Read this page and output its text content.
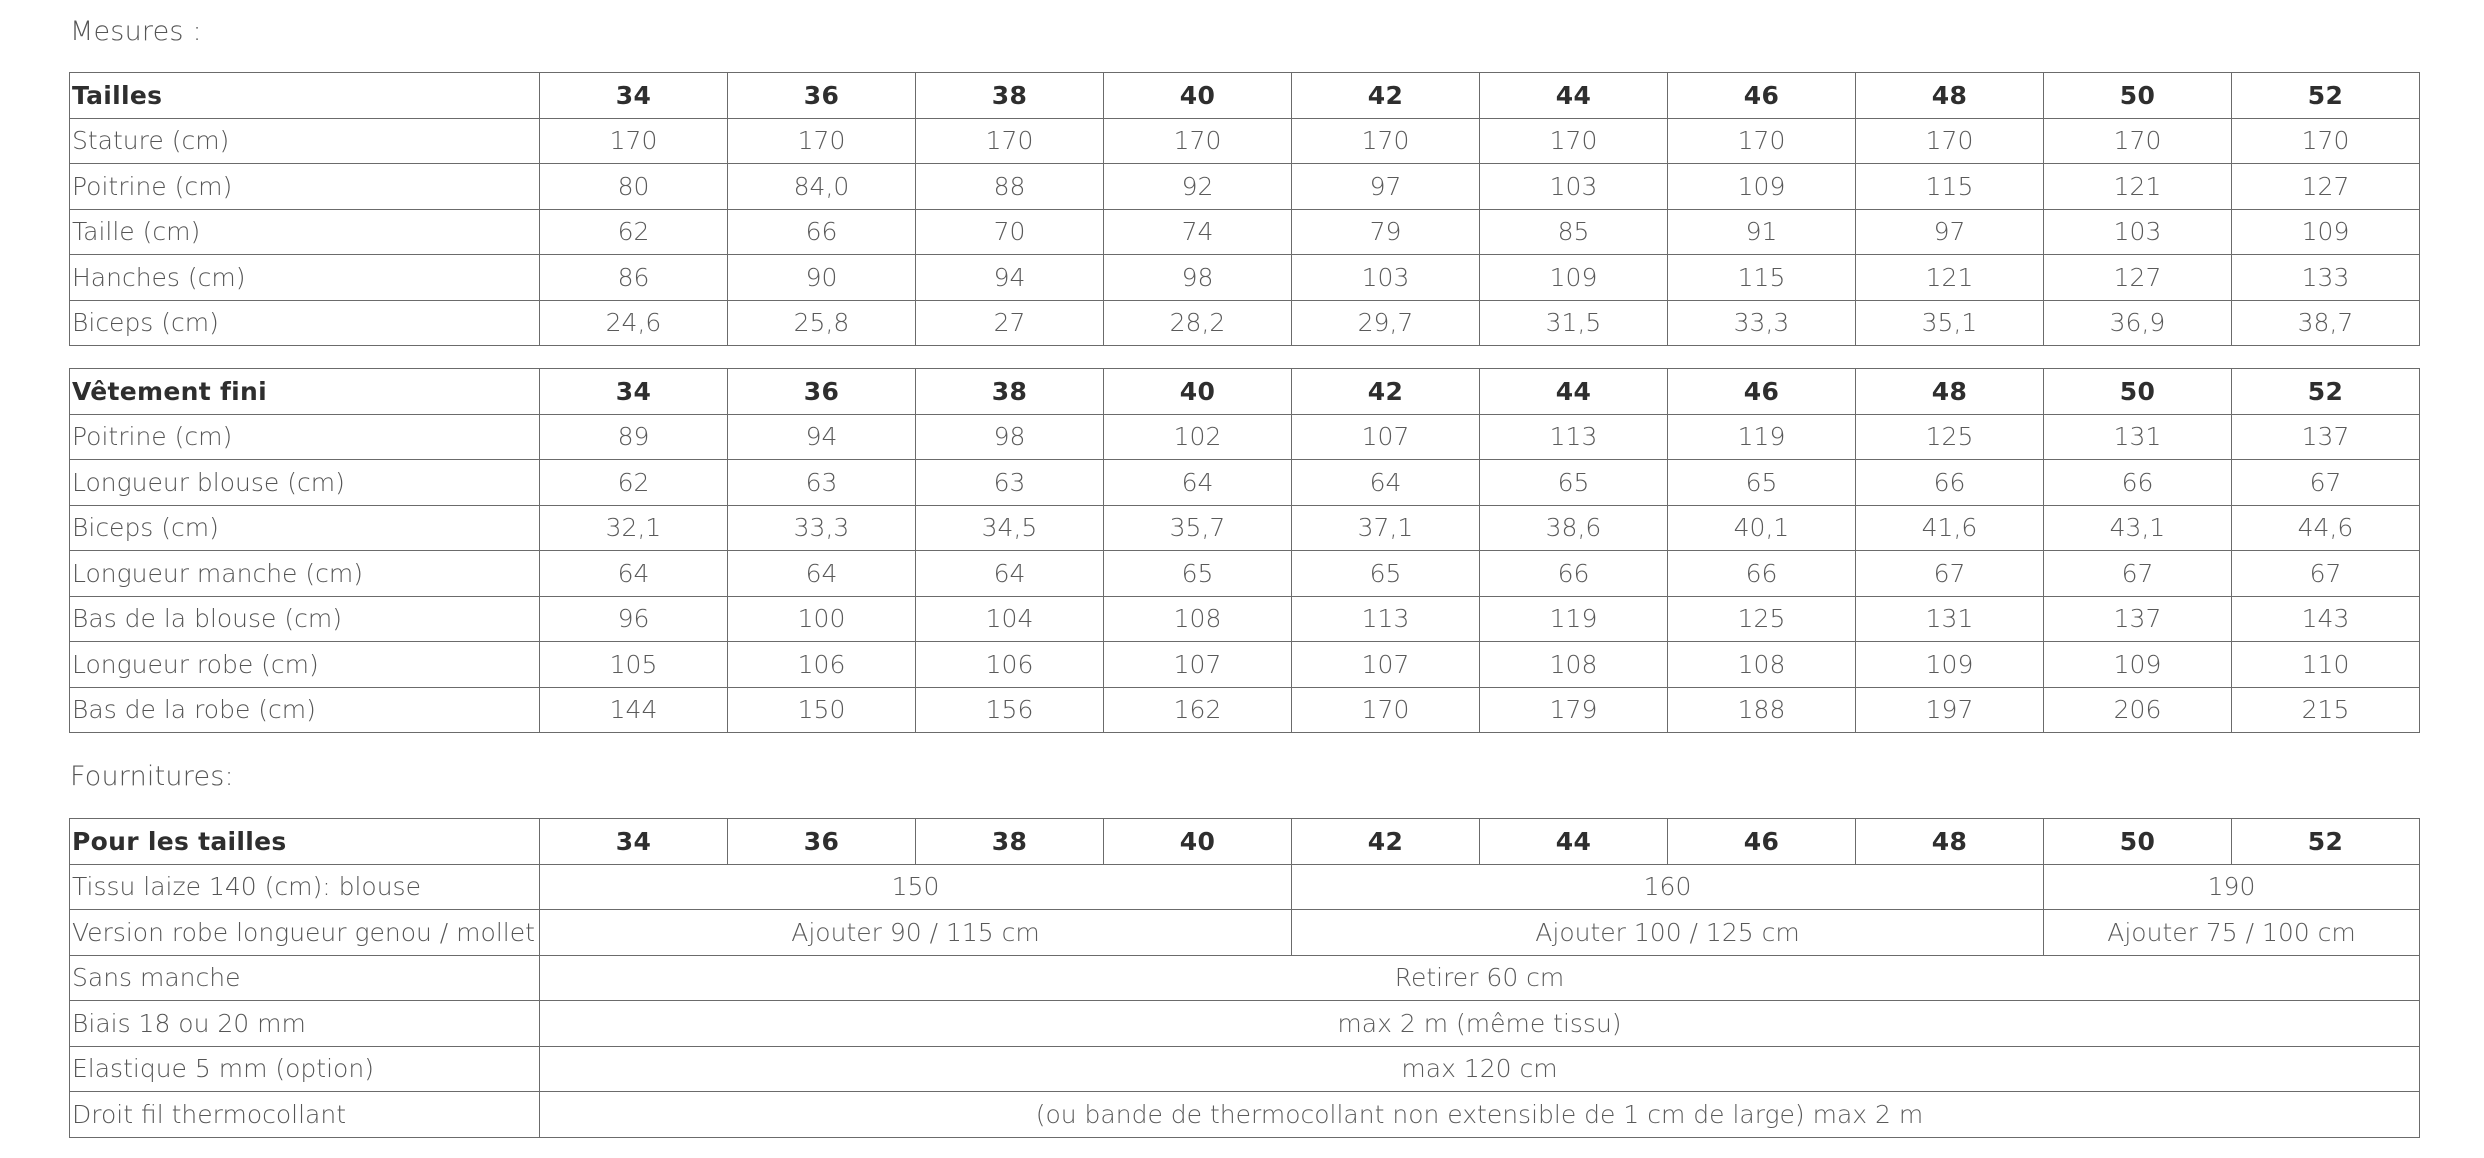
Mesures :
Tailles	34	36	38	40	42	44	46	48	50	52
Stature (cm)	170	170	170	170	170	170	170	170	170	170
Poitrine (cm)	80	84,0	88	92	97	103	109	115	121	127
Taille (cm)	62	66	70	74	79	85	91	97	103	109
Hanches (cm)	86	90	94	98	103	109	115	121	127	133
Biceps (cm)	24,6	25,8	27	28,2	29,7	31,5	33,3	35,1	36,9	38,7
Vêtement fini	34	36	38	40	42	44	46	48	50	52
Poitrine (cm)	89	94	98	102	107	113	119	125	131	137
Longueur blouse (cm)	62	63	63	64	64	65	65	66	66	67
Biceps (cm)	32,1	33,3	34,5	35,7	37,1	38,6	40,1	41,6	43,1	44,6
Longueur manche (cm)	64	64	64	65	65	66	66	67	67	67
Bas de la blouse (cm)	96	100	104	108	113	119	125	131	137	143
Longueur robe (cm)	105	106	106	107	107	108	108	109	109	110
Bas de la robe (cm)	144	150	156	162	170	179	188	197	206	215
Fournitures:
Pour les tailles	34	36	38	40	42	44	46	48	50	52
Tissu laize 140 (cm): blouse	150				160				190	
Version robe longueur genou / mollet	Ajouter 90 / 115 cm				Ajouter 100 / 125 cm				Ajouter 75 / 100 cm	
Sans manche	Retirer 60 cm									
Biais 18 ou 20 mm	max 2 m (même tissu)									
Elastique 5 mm (option)	max 120 cm									
Droit fil thermocollant	(ou bande de thermocollant non extensible de 1 cm de large) max 2 m									
